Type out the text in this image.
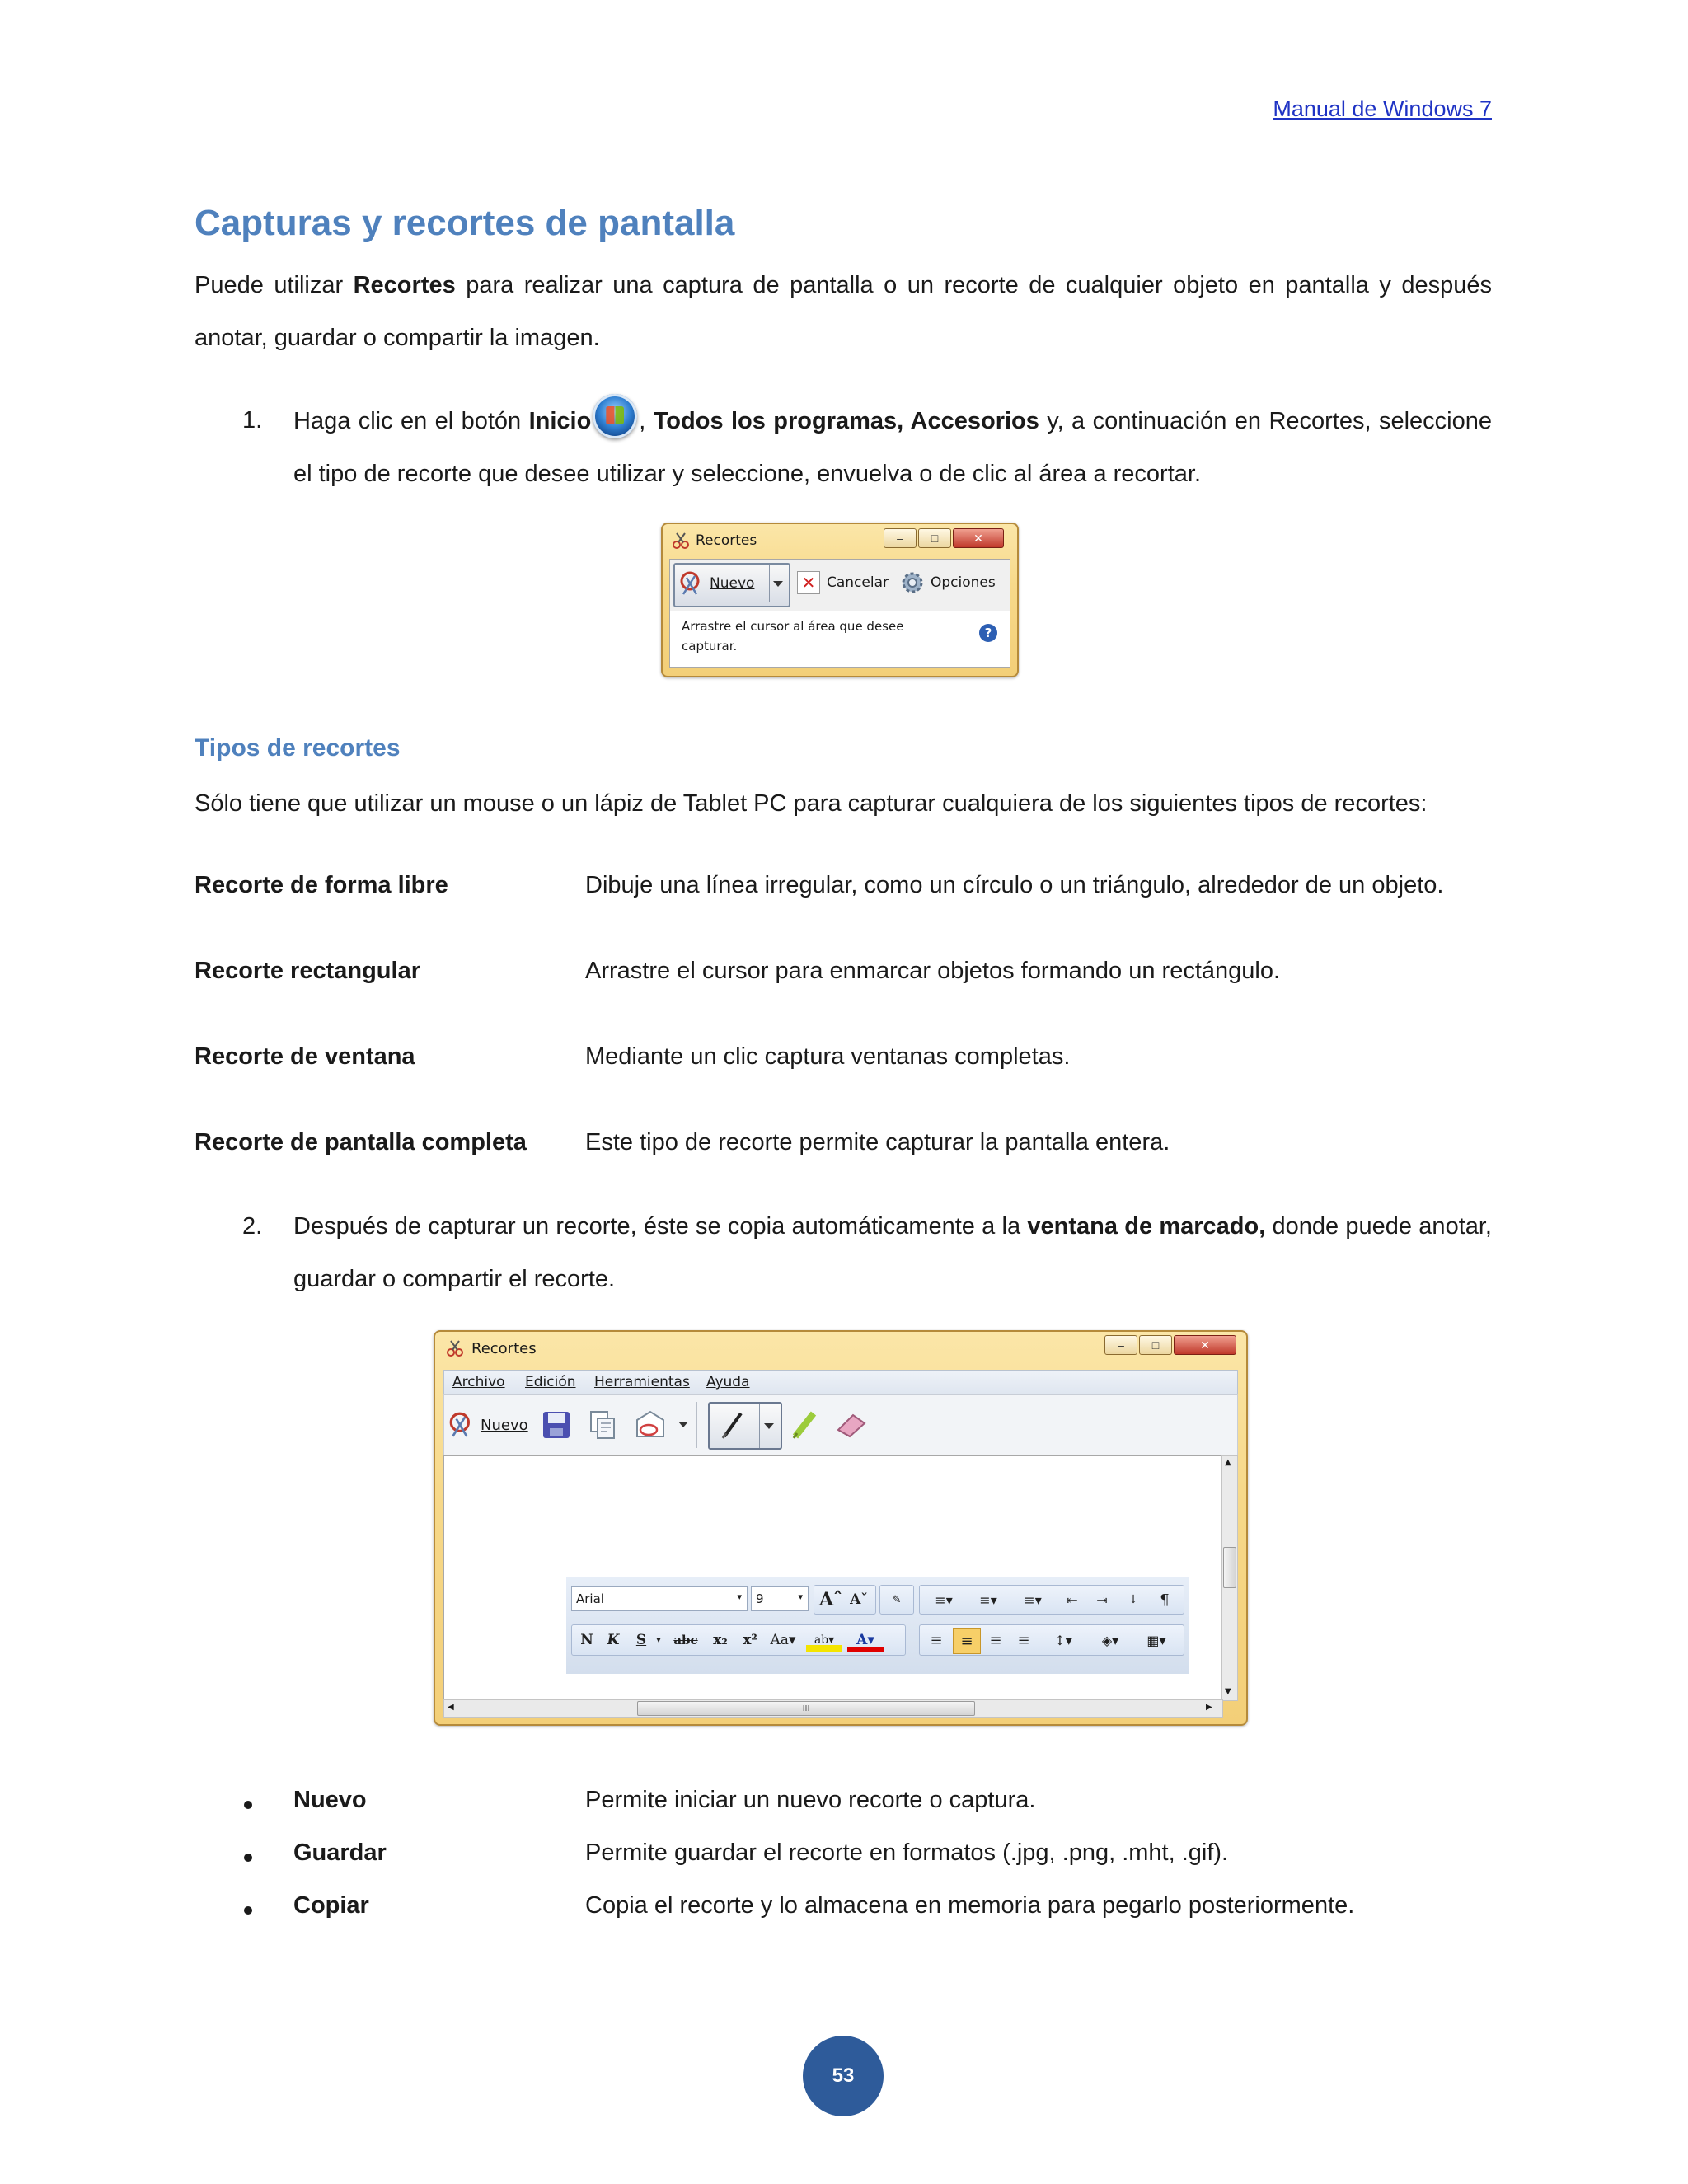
Manual de Windows 7
Capturas y recortes de pantalla

Puede utilizar Recortes para realizar una captura de pantalla o un recorte de cualquier objeto en pantalla y después anotar, guardar o compartir la imagen.

1. Haga clic en el botón Inicio , Todos los programas, Accesorios y, a continuación en Recortes, seleccione el tipo de recorte que desee utilizar y seleccione, envuelva o de clic al área a recortar.
Recortes	–	□	✕
Nuevo	✕ Cancelar	Opciones
Arrastre el cursor al área que desee
capturar.
?
Tipos de recortes

Sólo tiene que utilizar un mouse o un lápiz de Tablet PC para capturar cualquiera de los siguientes tipos de recortes:

Recorte de forma libre	Dibuje una línea irregular, como un círculo o un triángulo, alrededor de un objeto.
Recorte rectangular	Arrastre el cursor para enmarcar objetos formando un rectángulo.
Recorte de ventana	Mediante un clic captura ventanas completas.
Recorte de pantalla completa Este tipo de recorte permite capturar la pantalla entera.
2. Después de capturar un recorte, éste se copia automáticamente a la ventana de marcado, donde puede anotar, guardar o compartir el recorte.
Recortes	–	□	✕
Archivo Edición Herramientas Ayuda
Nuevo
Arial	▾ 9	▾ Aˆ Aˇ	✎
N K	S	▾	abc	x₂	x² Aa▾	ab▾	A▾
≡▾	≡▾	≡▾	⇤	⇥	↓	¶
≡	≡	≡	≡	↕▾	◈▾	▦▾
▲
▼
◀	III	▶
Nuevo	Permite iniciar un nuevo recorte o captura.
Guardar	Permite guardar el recorte en formatos (.jpg, .png, .mht, .gif).
Copiar	Copia el recorte y lo almacena en memoria para pegarlo posteriormente.
53
